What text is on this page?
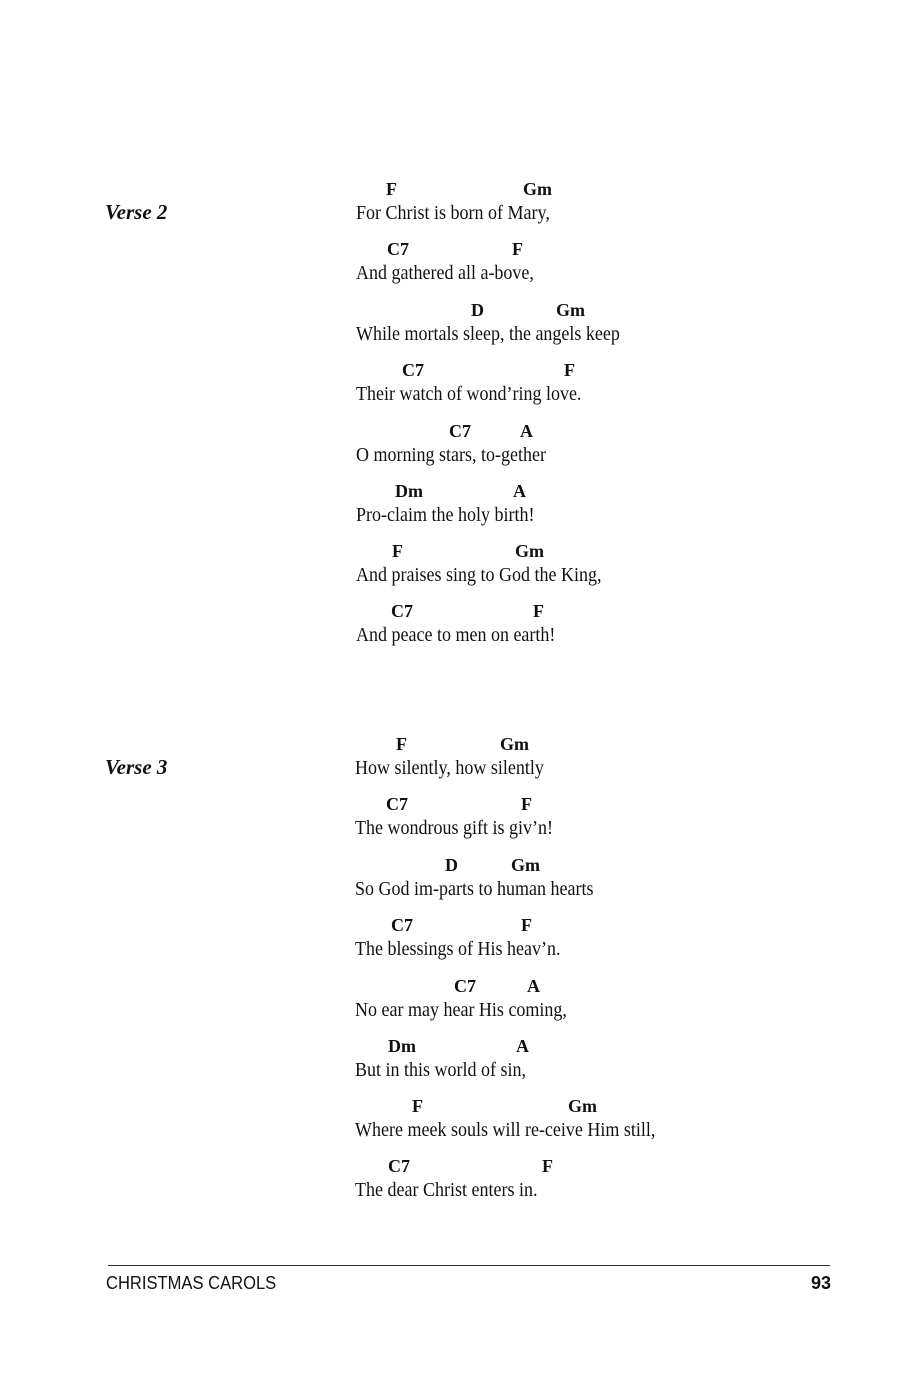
Verse 2
F	Gm
For Christ is born of Mary,
C7	F
And gathered all a-bove,
D	Gm
While mortals sleep, the angels keep
C7	F
Their watch of wond’ring love.
C7	A
O morning stars, to-gether
Dm	A
Pro-claim the holy birth!
F	Gm
And praises sing to God the King,
C7	F
And peace to men on earth!
Verse 3
F	Gm
How silently, how silently
C7	F
The wondrous gift is giv’n!
D	Gm
So God im-parts to human hearts
C7	F
The blessings of His heav’n.
C7	A
No ear may hear His coming,
Dm	A
But in this world of sin,
F	Gm
Where meek souls will re-ceive Him still,
C7	F
The dear Christ enters in.
CHRISTMAS CAROLS	93
